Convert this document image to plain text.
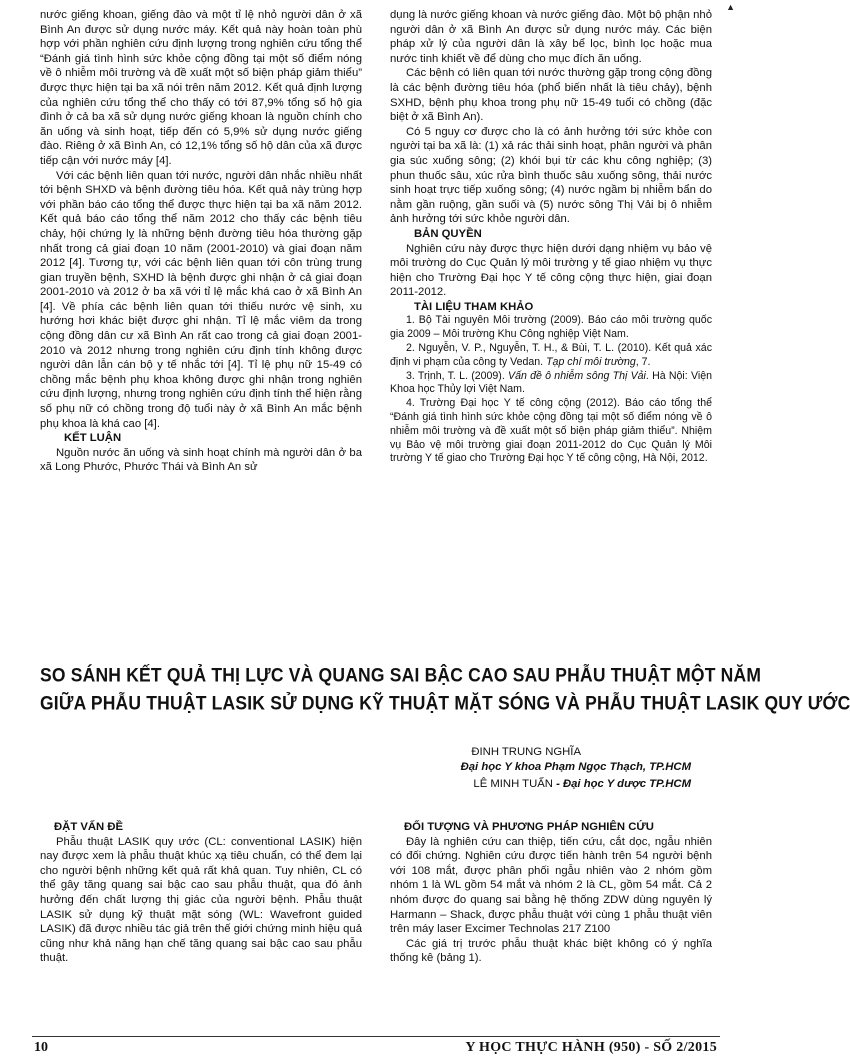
▲

nước giếng khoan, giếng đào và một tỉ lệ nhỏ người dân ở xã Bình An được sử dụng nước máy. Kết quả này hoàn toàn phù hợp với phần nghiên cứu định lượng trong nghiên cứu tổng thể “Đánh giá tình hình sức khỏe cộng đồng tại một số điểm nóng về ô nhiễm môi trường và đề xuất một số biện pháp giảm thiểu” được thực hiện tại ba xã nói trên năm 2012. Kết quả định lượng của nghiên cứu tổng thể cho thấy có tới 87,9% tổng số hộ gia đình ở cả ba xã sử dụng nước giếng khoan là nguồn chính cho ăn uống và sinh hoạt, tiếp đến có 5,9% sử dụng nước giếng đào. Riêng ở xã Bình An, có 12,1% tổng số hộ dân của xã được tiếp cận với nước máy [4].

Với các bệnh liên quan tới nước, người dân nhắc nhiều nhất tới bệnh SHXD và bệnh đường tiêu hóa. Kết quả này trùng hợp với phần báo cáo tổng thể được thực hiện tại ba xã năm 2012. Kết quả báo cáo tổng thể năm 2012 cho thấy các bệnh tiêu chảy, hội chứng lỵ là những bệnh đường tiêu hóa thường gặp nhất trong cả giai đoạn 10 năm (2001-2010) và giai đoạn năm 2012 [4]. Tương tự, với các bệnh liên quan tới côn trùng trung gian truyền bệnh, SXHD là bệnh được ghi nhận ở cả giai đoạn 2001-2010 và 2012 ở ba xã với tỉ lệ mắc khá cao ở xã Bình An [4]. Về phía các bệnh liên quan tới thiếu nước vệ sinh, xu hướng hơi khác biệt được ghi nhận. Tỉ lệ mắc viêm da trong cộng đồng dân cư xã Bình An rất cao trong cả giai đoạn 2001-2010 và 2012 nhưng trong nghiên cứu định tính không được người dân lẫn cán bộ y tế nhắc tới [4]. Tỉ lệ phụ nữ 15-49 có chồng mắc bệnh phụ khoa không được ghi nhận trong nghiên cứu định lượng, nhưng trong nghiên cứu định tính thể hiện rằng số phụ nữ có chồng trong độ tuổi này ở xã Bình An mắc bệnh phụ khoa là khá cao [4].

KẾT LUẬN

Nguồn nước ăn uống và sinh hoạt chính mà người dân ở ba xã Long Phước, Phước Thái và Bình An sử

dụng là nước giếng khoan và nước giếng đào. Một bộ phận nhỏ người dân ở xã Bình An được sử dụng nước máy. Các biện pháp xử lý của người dân là xây bể lọc, bình lọc hoặc mua nước tinh khiết về để dùng cho mục đích ăn uống.

Các bệnh có liên quan tới nước thường gặp trong cộng đồng là các bệnh đường tiêu hóa (phổ biến nhất là tiêu chảy), bệnh SXHD, bệnh phụ khoa trong phụ nữ 15-49 tuổi có chồng (đặc biệt ở xã Bình An).

Có 5 nguy cơ được cho là có ảnh hưởng tới sức khỏe con người tại ba xã là: (1) xả rác thải sinh hoạt, phân người và phân gia súc xuống sông; (2) khói bụi từ các khu công nghiệp; (3) phun thuốc sâu, xúc rửa bình thuốc sâu xuống sông, thải nước sinh hoạt trực tiếp xuống sông; (4) nước ngầm bị nhiễm bẩn do nằm gần ruộng, gần suối và (5) nước sông Thị Vải bị ô nhiễm ảnh hưởng tới sức khỏe người dân.

BẢN QUYỀN

Nghiên cứu này được thực hiện dưới dạng nhiệm vụ bảo vệ môi trường do Cục Quản lý môi trường y tế giao nhiệm vụ thực hiện cho Trường Đại học Y tế công cộng thực hiện, giai đoạn 2011-2012.

TÀI LIỆU THAM KHẢO

1. Bộ Tài nguyên Môi trường (2009). Báo cáo môi trường quốc gia 2009 – Môi trường Khu Công nghiệp Việt Nam.

2. Nguyễn, V. P., Nguyễn, T. H., & Bùi, T. L. (2010). Kết quả xác định vi phạm của công ty Vedan. Tạp chí môi trường, 7.

3. Trịnh, T. L. (2009). Vấn đề ô nhiễm sông Thị Vải. Hà Nội: Viện Khoa học Thủy lợi Việt Nam.

4. Trường Đại học Y tế công cộng (2012). Báo cáo tổng thể “Đánh giá tình hình sức khỏe cộng đồng tại một số điểm nóng về ô nhiễm môi trường và đề xuất một số biện pháp giảm thiểu”. Nhiệm vụ Bảo vệ môi trường giai đoạn 2011-2012 do Cục Quản lý Môi trường Y tế giao cho Trường Đại học Y tế công cộng, Hà Nội, 2012.

SO SÁNH KẾT QUẢ THỊ LỰC VÀ QUANG SAI BẬC CAO SAU PHẪU THUẬT MỘT NĂM
GIỮA PHẪU THUẬT LASIK SỬ DỤNG KỸ THUẬT MẶT SÓNG VÀ PHẪU THUẬT LASIK QUY ƯỚC
ĐINH TRUNG NGHĨA
Đại học Y khoa Phạm Ngọc Thạch, TP.HCM
LÊ MINH TUẤN - Đại học Y dược TP.HCM
ĐẶT VẤN ĐỀ

Phẫu thuật LASIK quy ước (CL: conventional LASIK) hiện nay được xem là phẫu thuật khúc xạ tiêu chuẩn, có thể đem lại cho người bệnh những kết quả rất khả quan. Tuy nhiên, CL có thể gây tăng quang sai bậc cao sau phẫu thuật, qua đó ảnh hưởng đến chất lượng thị giác của người bệnh. Phẫu thuật LASIK sử dụng kỹ thuật mặt sóng (WL: Wavefront guided LASIK) đã được nhiều tác giả trên thế giới chứng minh hiệu quả cũng như khả năng hạn chế tăng quang sai bậc cao sau phẫu thuật.

ĐỐI TƯỢNG VÀ PHƯƠNG PHÁP NGHIÊN CỨU

Đây là nghiên cứu can thiệp, tiến cứu, cắt dọc, ngẫu nhiên có đối chứng. Nghiên cứu được tiến hành trên 54 người bệnh với 108 mắt, được phân phối ngẫu nhiên vào 2 nhóm gồm nhóm 1 là WL gồm 54 mắt và nhóm 2 là CL, gồm 54 mắt. Cả 2 nhóm được đo quang sai bằng hệ thống ZDW dùng nguyên lý Harmann – Shack, được phẫu thuật với cùng 1 phẫu thuật viên trên máy laser Excimer Technolas 217 Z100

Các giá trị trước phẫu thuật khác biệt không có ý nghĩa thống kê (bảng 1).

10	Y HỌC THỰC HÀNH (950) - SỐ 2/2015
